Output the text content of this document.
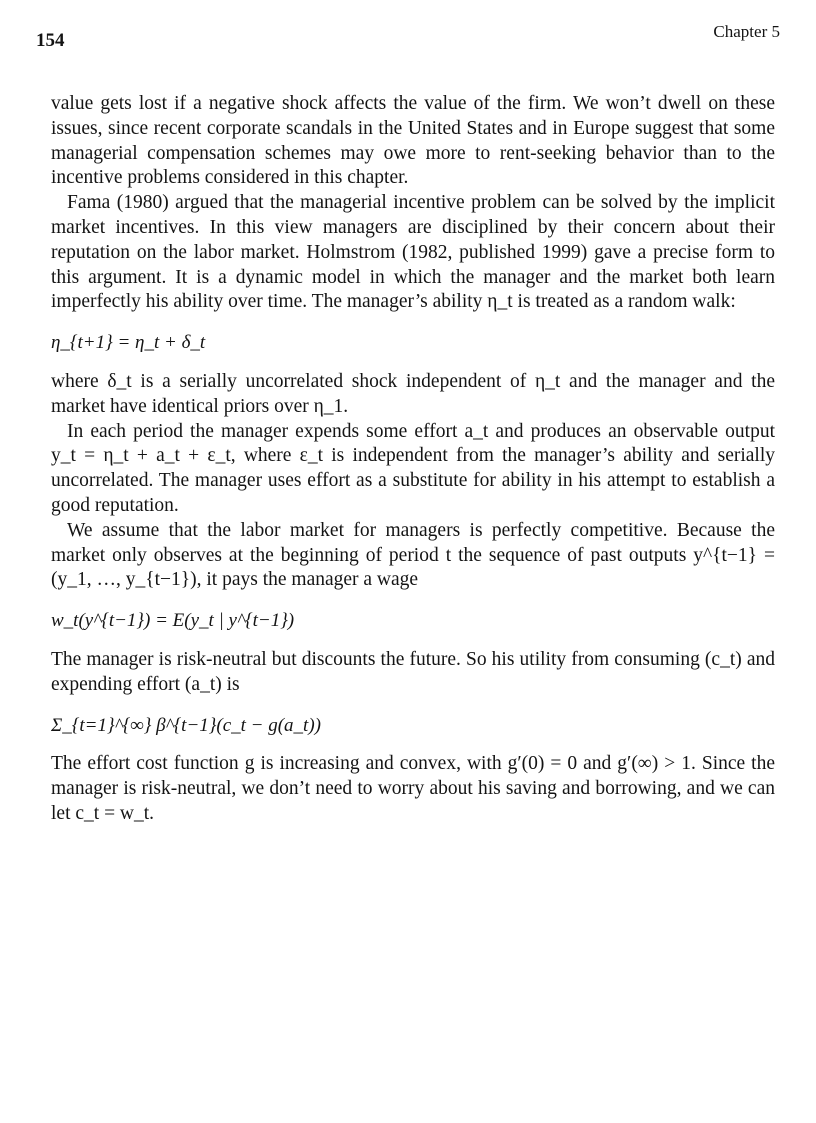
154	Chapter 5

value gets lost if a negative shock affects the value of the firm. We won’t dwell on these issues, since recent corporate scandals in the United States and in Europe suggest that some managerial compensation schemes may owe more to rent-seeking behavior than to the incentive problems considered in this chapter.

Fama (1980) argued that the managerial incentive problem can be solved by the implicit market incentives. In this view managers are disciplined by their concern about their reputation on the labor market. Holmstrom (1982, published 1999) gave a precise form to this argument. It is a dynamic model in which the manager and the market both learn imperfectly his ability over time. The manager’s ability η_t is treated as a random walk:

η_{t+1} = η_t + δ_t

where δ_t is a serially uncorrelated shock independent of η_t and the manager and the market have identical priors over η_1.

In each period the manager expends some effort a_t and produces an observable output y_t = η_t + a_t + ε_t, where ε_t is independent from the manager’s ability and serially uncorrelated. The manager uses effort as a substitute for ability in his attempt to establish a good reputation.

We assume that the labor market for managers is perfectly competitive. Because the market only observes at the beginning of period t the sequence of past outputs y^{t−1} = (y_1, …, y_{t−1}), it pays the manager a wage

w_t(y^{t−1}) = E(y_t | y^{t−1})

The manager is risk-neutral but discounts the future. So his utility from consuming (c_t) and expending effort (a_t) is

Σ_{t=1}^{∞} β^{t−1}(c_t − g(a_t))

The effort cost function g is increasing and convex, with g′(0) = 0 and g′(∞) > 1. Since the manager is risk-neutral, we don’t need to worry about his saving and borrowing, and we can let c_t = w_t.
